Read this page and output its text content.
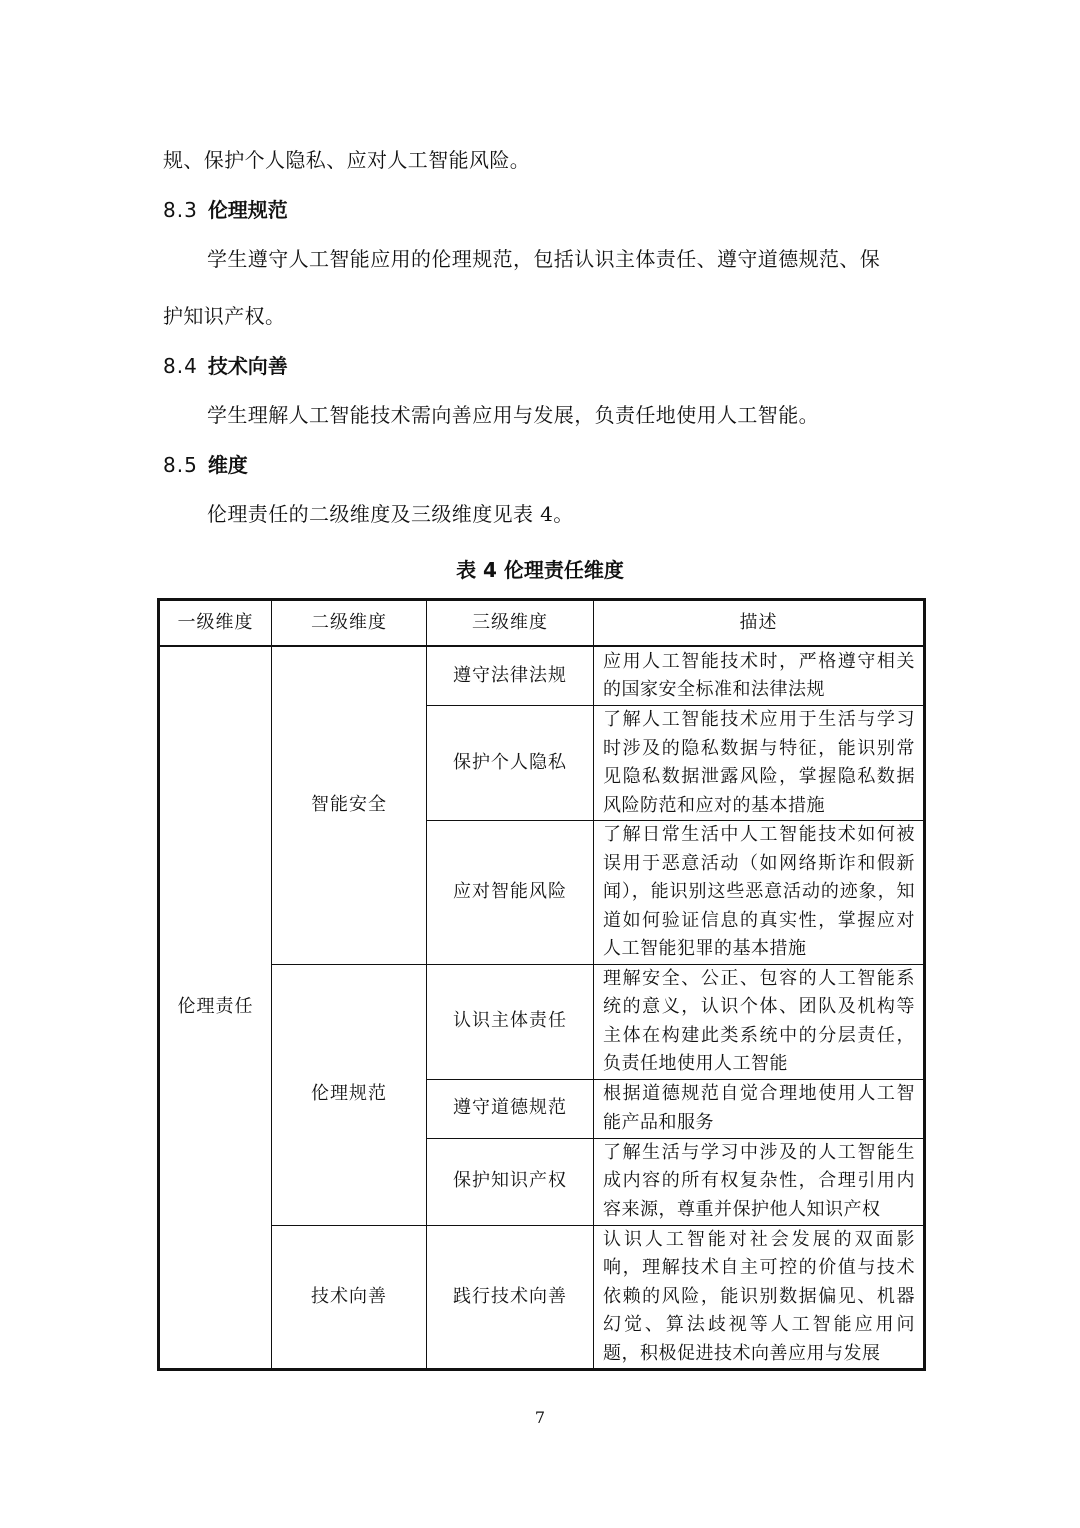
规、保护个人隐私、应对人工智能风险。
8.3 伦理规范
学生遵守人工智能应用的伦理规范，包括认识主体责任、遵守道德规范、保
护知识产权。
8.4 技术向善
学生理解人工智能技术需向善应用与发展，负责任地使用人工智能。
8.5 维度
伦理责任的二级维度及三级维度见表 4。
表 4 伦理责任维度
一级维度	二级维度	三级维度	描述
伦理责任	智能安全	遵守法律法规	应用人工智能技术时，严格遵守相关的国家安全标准和法律法规
		保护个人隐私	了解人工智能技术应用于生活与学习时涉及的隐私数据与特征，能识别常见隐私数据泄露风险，掌握隐私数据风险防范和应对的基本措施
		应对智能风险	了解日常生活中人工智能技术如何被误用于恶意活动（如网络斯诈和假新闻），能识别这些恶意活动的迹象，知道如何验证信息的真实性，掌握应对人工智能犯罪的基本措施
	伦理规范	认识主体责任	理解安全、公正、包容的人工智能系统的意义，认识个体、团队及机构等主体在构建此类系统中的分层责任，负责任地使用人工智能
		遵守道德规范	根据道德规范自觉合理地使用人工智能产品和服务
		保护知识产权	了解生活与学习中涉及的人工智能生成内容的所有权复杂性，合理引用内容来源，尊重并保护他人知识产权
	技术向善	践行技术向善	认识人工智能对社会发展的双面影响，理解技术自主可控的价值与技术依赖的风险，能识别数据偏见、机器幻觉、算法歧视等人工智能应用问题，积极促进技术向善应用与发展
7
